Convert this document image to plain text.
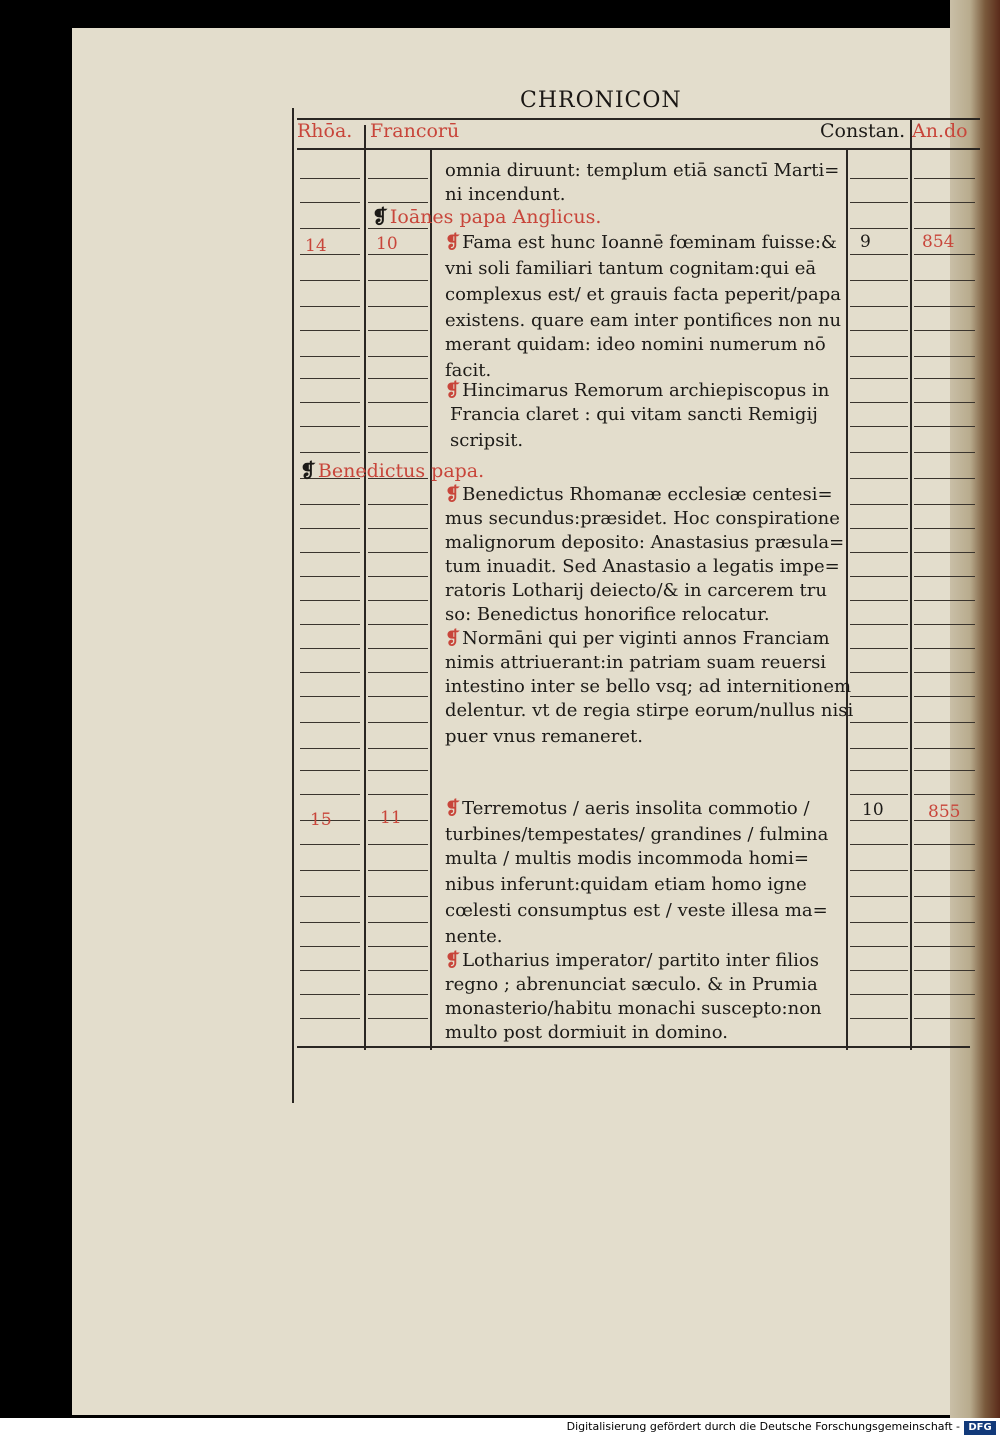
CHRONICON
Rhōa. Francorū	Constan. An.do
omnia diruunt: templum etiā sanctī Marti=
ni incendunt.
❡ Ioānes papa Anglicus.
14	10	9	854
❡ Fama est hunc Ioannē fœminam fuisse:&
vni soli familiari tantum cognitam:qui eā
complexus est/ et grauis facta peperit/papa
existens. quare eam inter pontifices non nu
merant quidam: ideo nomini numerum nō
facit.
❡ Hincimarus Remorum archiepiscopus in
Francia claret : qui vitam sancti Remigij
scripsit.
❡ Benedictus papa.
❡ Benedictus Rhomanæ ecclesiæ centesi=
mus secundus:præsidet. Hoc conspiratione
malignorum deposito: Anastasius præsula=
tum inuadit. Sed Anastasio a legatis impe=
ratoris Lotharij deiecto/& in carcerem tru
so: Benedictus honorifice relocatur.
❡ Normāni qui per viginti annos Franciam
nimis attriuerant:in patriam suam reuersi
intestino inter se bello vsq; ad internitionem
delentur. vt de regia stirpe eorum/nullus nisi
puer vnus remaneret.
15	11	10	855
❡ Terremotus / aeris insolita commotio /
turbines/tempestates/ grandines / fulmina
multa / multis modis incommoda homi=
nibus inferunt:quidam etiam homo igne
cœlesti consumptus est / veste illesa ma=
nente.
❡ Lotharius imperator/ partito inter filios
regno ; abrenunciat sæculo. & in Prumia
monasterio/habitu monachi suscepto:non
multo post dormiuit in domino.
Digitalisierung gefördert durch die Deutsche Forschungsgemeinschaft - DFG
